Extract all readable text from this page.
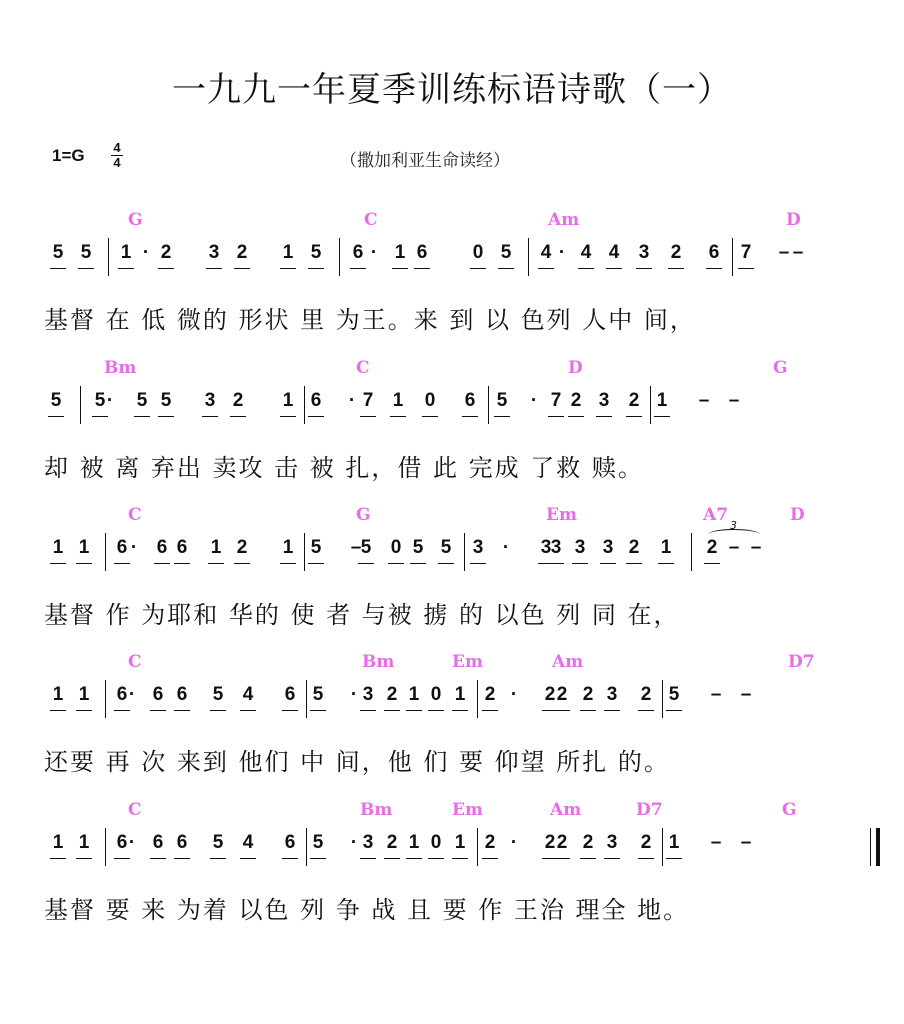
一九九一年夏季训练标语诗歌（一）
1=G 4
4	（撒加利亚生命读经）
G	C	Am	D
5 5 1 · 2 3 2 1 5 6 · 1 6 0 5 4 · 4 4 3 2 6 7 – –
基督 在 低 微的 形状 里 为王。来 到 以 色列 人中 间，
Bm	C	D	G
5 5 ·	5 5 3 2 1 6	· 7 1 0 6 5	· 7 2 3 2 1 – –
却 被 离 弃出 卖攻 击 被 扎，借 此 完成 了救 赎。
C	G	Em	A7	D
1 1 6 ·	6 6 1 2 1 5 – 5 0 5 5 3	·	3 3 3 3 2 1 2 – –
3
基督 作 为耶和 华的 使 者 与被 掳 的 以色 列 同 在，
C	Bm	Em	Am	D7
1 1 6 · 6 6 5 4 6 5	· 3 2 1 0 1 2 ·	2 2 2 3 2 5 – –
还要 再 次 来到 他们 中 间，他 们 要 仰望 所扎 的。
C	Bm	Em	Am	D7	G
1 1 6 · 6 6 5 4 6 5	· 3 2 1 0 1 2 ·	2 2 2 3 2 1 – –
基督 要 来 为着 以色 列 争 战 且 要 作 王治 理全 地。
